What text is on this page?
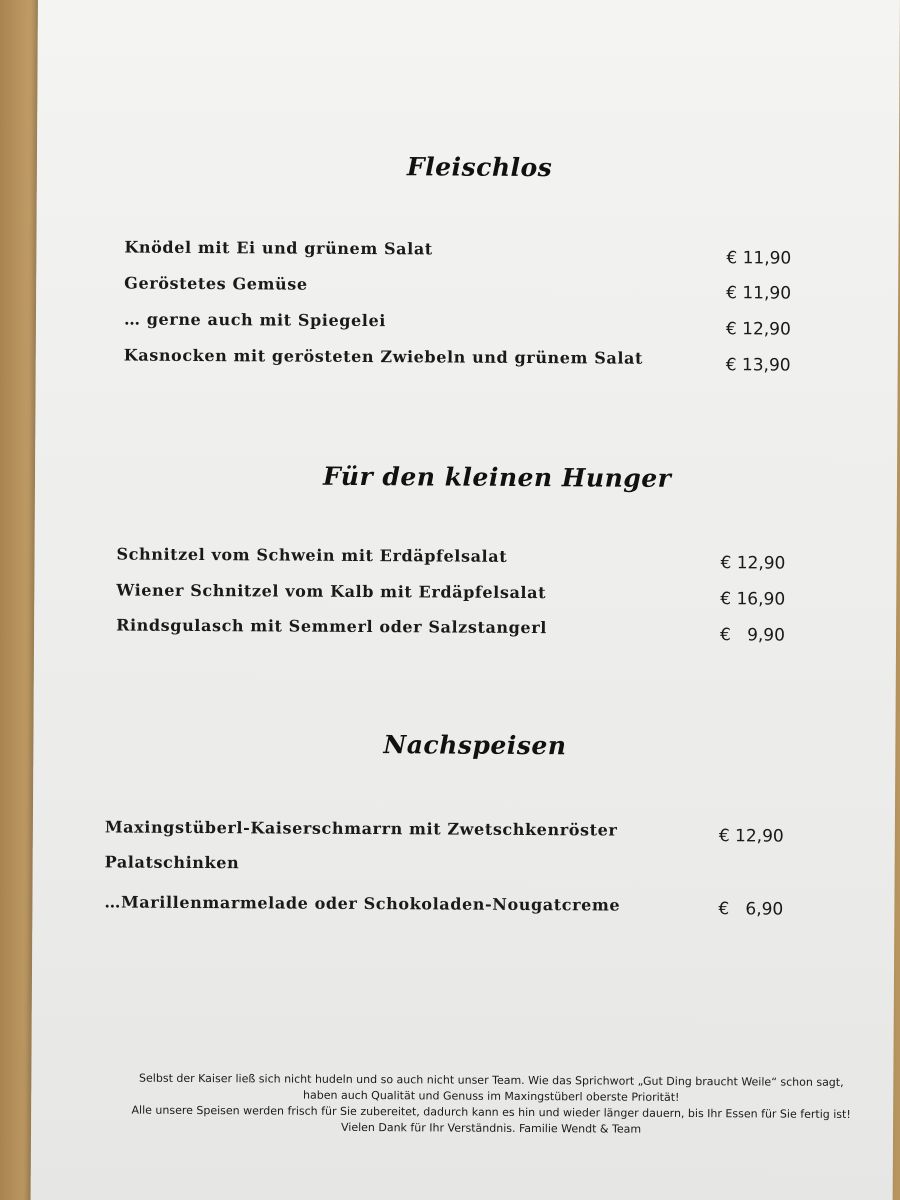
Fleischlos
Knödel mit Ei und grünem Salat	€ 11,90
Geröstetes Gemüse	€ 11,90
… gerne auch mit Spiegelei	€ 12,90
Kasnocken mit gerösteten Zwiebeln und grünem Salat	€ 13,90
Für den kleinen Hunger
Schnitzel vom Schwein mit Erdäpfelsalat	€ 12,90
Wiener Schnitzel vom Kalb mit Erdäpfelsalat	€ 16,90
Rindsgulasch mit Semmerl oder Salzstangerl	€   9,90
Nachspeisen
Maxingstüberl-Kaiserschmarrn mit Zwetschkenröster	€ 12,90
Palatschinken
…Marillenmarmelade oder Schokoladen-Nougatcreme	€   6,90
Selbst der Kaiser ließ sich nicht hudeln und so auch nicht unser Team. Wie das Sprichwort „Gut Ding braucht Weile“ schon sagt,
haben auch Qualität und Genuss im Maxingstüberl oberste Priorität!
Alle unsere Speisen werden frisch für Sie zubereitet, dadurch kann es hin und wieder länger dauern, bis Ihr Essen für Sie fertig ist!
Vielen Dank für Ihr Verständnis. Familie Wendt & Team
